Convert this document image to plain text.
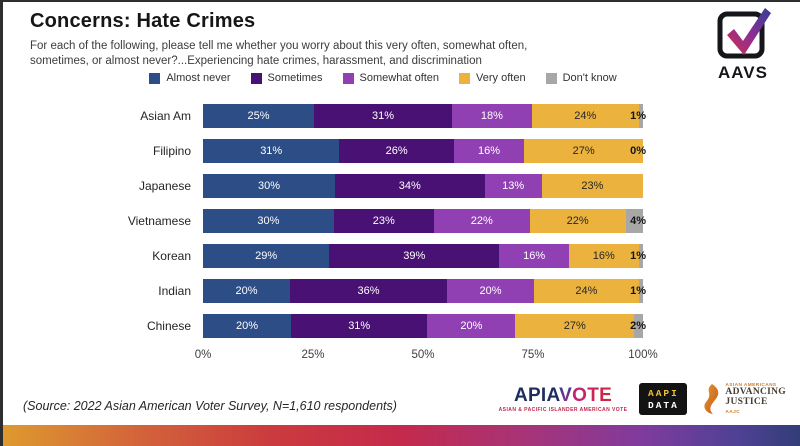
Concerns: Hate Crimes

For each of the following, please tell me whether you worry about this very often, somewhat often,
sometimes, or almost never?...Experiencing hate crimes, harassment, and discrimination

AAVS
Almost never	Sometimes	Somewhat often	Very often	Don't know
Asian Am	25%	31%	18%	24%	1%
Filipino	31%	26%	16%	27%	0%
Japanese	30%	34%	13%	23%
Vietnamese	30%	23%	22%	22%	4%
Korean	29%	39%	16%	16% 1%
Indian	20%	36%	20%	24%	1%
Chinese	20%	31%	20%	27%	2%
0%	25%	50%	75%	100%
(Source: 2022 Asian American Voter Survey, N=1,610 respondents)
APIAVOTE
ASIAN & PACIFIC ISLANDER AMERICAN VOTE
AAPI
DATA
ASIAN AMERICANS
ADVANCING
JUSTICE
AAJC
